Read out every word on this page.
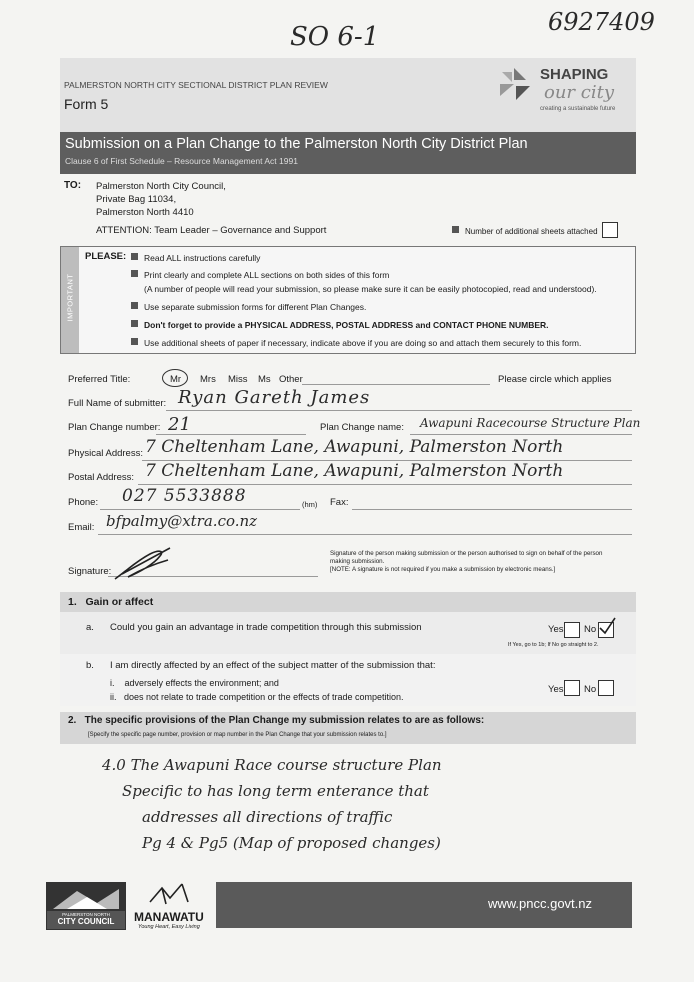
SO 6-1	6927409
PALMERSTON NORTH CITY SECTIONAL DISTRICT PLAN REVIEW
Form 5
SHAPING
our city
creating a sustainable future
Submission on a Plan Change to the Palmerston North City District Plan
Clause 6 of First Schedule – Resource Management Act 1991
TO: Palmerston North City Council,
Private Bag 11034,
Palmerston North 4410
ATTENTION: Team Leader – Governance and Support	Number of additional sheets attached
IMPORTANT
PLEASE:	Read ALL instructions carefully
Print clearly and complete ALL sections on both sides of this form
(A number of people will read your submission, so please make sure it can be easily photocopied, read and understood).
Use separate submission forms for different Plan Changes.
Don't forget to provide a PHYSICAL ADDRESS, POSTAL ADDRESS and CONTACT PHONE NUMBER.
Use additional sheets of paper if necessary, indicate above if you are doing so and attach them securely to this form.
Preferred Title:	Mr Mrs Miss Ms Other	Please circle which applies
Full Name of submitter: Ryan Gareth James
Plan Change number: 21	Plan Change name: Awapuni Racecourse Structure Plan
Physical Address: 7 Cheltenham Lane, Awapuni, Palmerston North
Postal Address: 7 Cheltenham Lane, Awapuni, Palmerston North
Phone: 027 5533888	(hm) Fax:
Email: bfpalmy@xtra.co.nz
Signature:
Signature of the person making submission or the person authorised to sign on behalf of the person making submission.
[NOTE: A signature is not required if you make a submission by electronic means.]
1.   Gain or affect
a. Could you gain an advantage in trade competition through this submission	Yes No
If Yes, go to 1b; If No go straight to 2.
b. I am directly affected by an effect of the subject matter of the submission that:
i.    adversely effects the environment; and
ii.   does not relate to trade competition or the effects of trade competition.
Yes No
2.   The specific provisions of the Plan Change my submission relates to are as follows:
[Specify the specific page number, provision or map number in the Plan Change that your submission relates to.]
4.0 The Awapuni Race course structure Plan
Specific to has long term enterance that
addresses all directions of traffic
Pg 4 & Pg5 (Map of proposed changes)
PALMERSTON NORTH
CITY COUNCIL	MANAWATU
Young Heart, Easy Living
www.pncc.govt.nz
